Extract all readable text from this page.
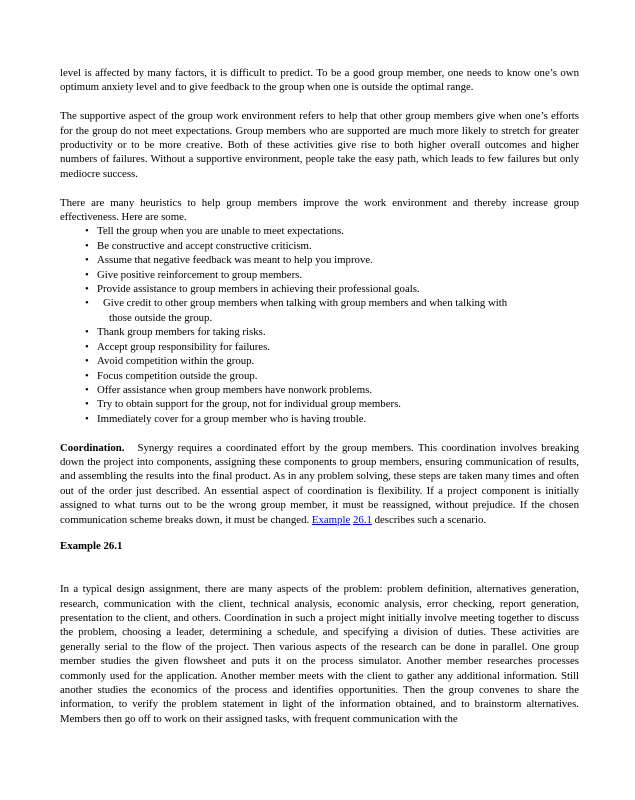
level is affected by many factors, it is difficult to predict. To be a good group member, one needs to know one’s own optimum anxiety level and to give feedback to the group when one is outside the optimal range.

The supportive aspect of the group work environment refers to help that other group members give when one’s efforts for the group do not meet expectations. Group members who are supported are much more likely to stretch for greater productivity or to be more creative. Both of these activities give rise to both higher overall outcomes and higher numbers of failures. Without a supportive environment, people take the easy path, which leads to few failures but only mediocre success.

There are many heuristics to help group members improve the work environment and thereby increase group effectiveness. Here are some.

• Tell the group when you are unable to meet expectations.
• Be constructive and accept constructive criticism.
• Assume that negative feedback was meant to help you improve.
• Give positive reinforcement to group members.
• Provide assistance to group members in achieving their professional goals.
•	Give credit to other group members when talking with group members and when talking with
those outside the group.
• Thank group members for taking risks.
• Accept group responsibility for failures.
• Avoid competition within the group.
• Focus competition outside the group.
• Offer assistance when group members have nonwork problems.
• Try to obtain support for the group, not for individual group members.
• Immediately cover for a group member who is having trouble.

Coordination. Synergy requires a coordinated effort by the group members. This coordination involves breaking down the project into components, assigning these components to group members, ensuring communication of results, and assembling the results into the final product. As in any problem solving, these steps are taken many times and often out of the order just described. An essential aspect of coordination is flexibility. If a project component is initially assigned to what turns out to be the wrong group member, it must be reassigned, without prejudice. If the chosen communication scheme breaks down, it must be changed. Example 26.1 describes such a scenario.

Example 26.1

In a typical design assignment, there are many aspects of the problem: problem definition, alternatives generation, research, communication with the client, technical analysis, economic analysis, error checking, report generation, presentation to the client, and others. Coordination in such a project might initially involve meeting together to discuss the problem, choosing a leader, determining a schedule, and specifying a division of duties. These activities are generally serial to the flow of the project. Then various aspects of the research can be done in parallel. One group member studies the given flowsheet and puts it on the process simulator. Another member researches processes commonly used for the application. Another member meets with the client to gather any additional information. Still another studies the economics of the process and identifies opportunities. Then the group convenes to share the information, to verify the problem statement in light of the information obtained, and to brainstorm alternatives. Members then go off to work on their assigned tasks, with frequent communication with the
